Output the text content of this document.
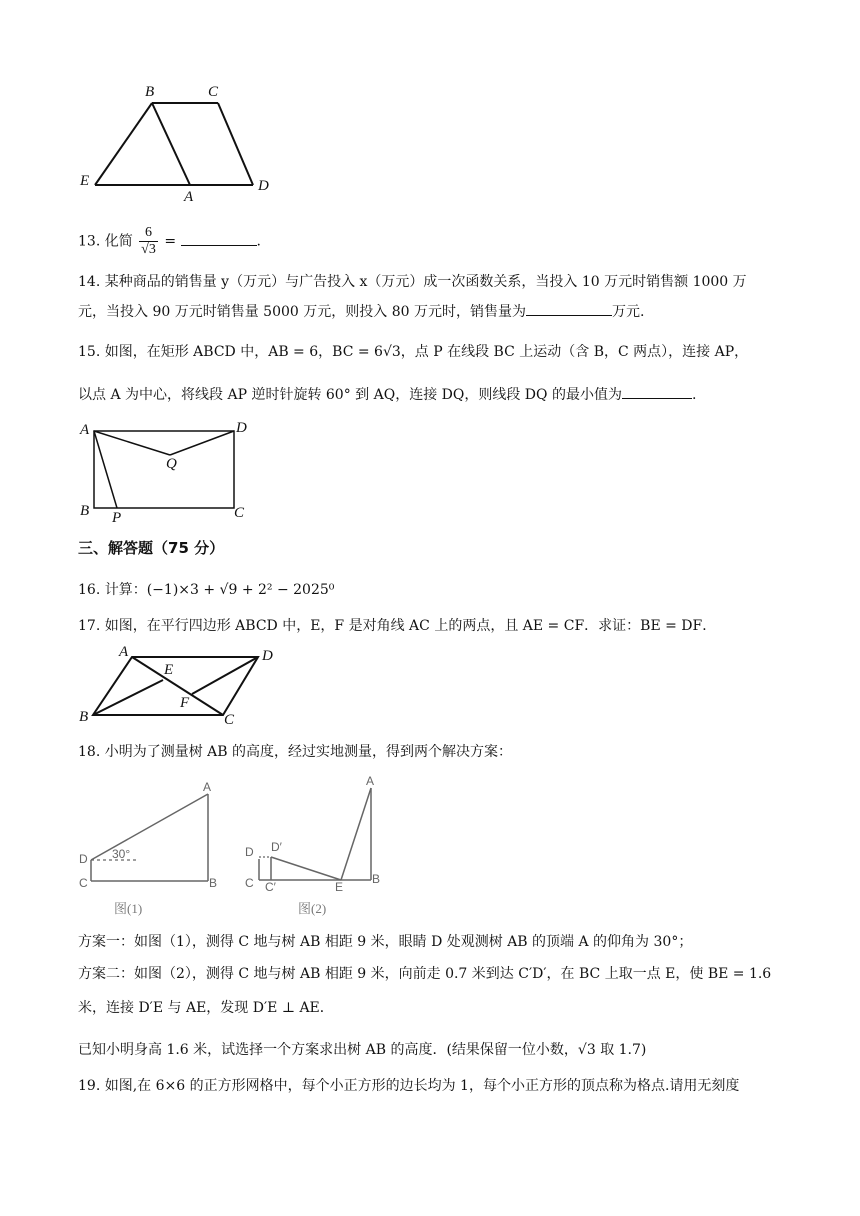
B	C
E
A
D
13. 化简 $\frac{6}{√3}$ =	.
14. 某种商品的销售量 y（万元）与广告投入 x（万元）成一次函数关系，当投入 10 万元时销售额 1000 万
元，当投入 90 万元时销售量 5000 万元，则投入 80 万元时，销售量为	万元.
15. 如图，在矩形 ABCD 中，AB = 6，BC = 6√3，点 P 在线段 BC 上运动（含 B，C 两点），连接 AP，
以点 A 为中心，将线段 AP 逆时针旋转 60° 到 AQ，连接 DQ，则线段 DQ 的最小值为	.
A	D
Q
B P	C
三、解答题（75 分）
16. 计算：(−1)×3 + √9 + 2² − 2025⁰
17. 如图，在平行四边形 ABCD 中，E，F 是对角线 AC 上的两点，且 AE = CF．求证：BE = DF．
A	D
E
F
B	C
18. 小明为了测量树 AB 的高度，经过实地测量，得到两个解决方案：
A
D 30°
C	B
图(1)
A
D D′
C C′	E
B
图(2)
方案一：如图（1），测得 C 地与树 AB 相距 9 米，眼睛 D 处观测树 AB 的顶端 A 的仰角为 30°；
方案二：如图（2），测得 C 地与树 AB 相距 9 米，向前走 0.7 米到达 C′D′，在 BC 上取一点 E，使 BE = 1.6
米，连接 D′E 与 AE，发现 D′E ⊥ AE．
已知小明身高 1.6 米，试选择一个方案求出树 AB 的高度．(结果保留一位小数，√3 取 1.7)
19. 如图,在 6×6 的正方形网格中，每个小正方形的边长均为 1，每个小正方形的顶点称为格点.请用无刻度
